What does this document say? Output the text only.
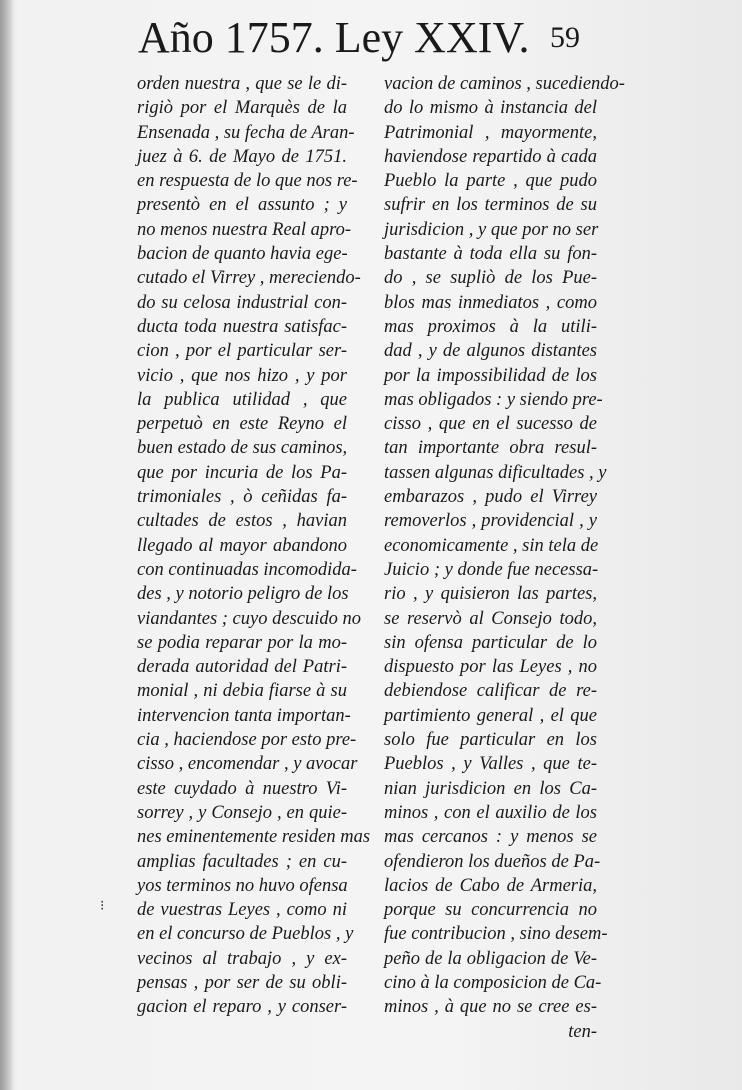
Año 1757. Ley XXIV. 59
orden nuestra , que se le di-
rigiò por el Marquès de la
Ensenada , su fecha de Aran-
juez à 6. de Mayo de 1751.
en respuesta de lo que nos re-
presentò en el assunto ; y
no menos nuestra Real apro-
bacion de quanto havia ege-
cutado el Virrey , mereciendo-
do su celosa industrial con-
ducta toda nuestra satisfac-
cion , por el particular ser-
vicio , que nos hizo , y por
la publica utilidad , que
perpetuò en este Reyno el
buen estado de sus caminos,
que por incuria de los Pa-
trimoniales , ò ceñidas fa-
cultades de estos , havian
llegado al mayor abandono
con continuadas incomodida-
des , y notorio peligro de los
viandantes ; cuyo descuido no
se podia reparar por la mo-
derada autoridad del Patri-
monial , ni debia fiarse à su
intervencion tanta importan-
cia , haciendose por esto pre-
cisso , encomendar , y avocar
este cuydado à nuestro Vi-
sorrey , y Consejo , en quie-
nes eminentemente residen mas
amplias facultades ; en cu-
yos terminos no huvo ofensa
de vuestras Leyes , como ni
en el concurso de Pueblos , y
vecinos al trabajo , y ex-
pensas , por ser de su obli-
gacion el reparo , y conser-
vacion de caminos , sucediendo-
do lo mismo à instancia del
Patrimonial , mayormente,
haviendose repartido à cada
Pueblo la parte , que pudo
sufrir en los terminos de su
jurisdicion , y que por no ser
bastante à toda ella su fon-
do , se supliò de los Pue-
blos mas inmediatos , como
mas proximos à la utili-
dad , y de algunos distantes
por la impossibilidad de los
mas obligados : y siendo pre-
cisso , que en el sucesso de
tan importante obra resul-
tassen algunas dificultades , y
embarazos , pudo el Virrey
removerlos , providencial , y
economicamente , sin tela de
Juicio ; y donde fue necessa-
rio , y quisieron las partes,
se reservò al Consejo todo,
sin ofensa particular de lo
dispuesto por las Leyes , no
debiendose calificar de re-
partimiento general , el que
solo fue particular en los
Pueblos , y Valles , que te-
nian jurisdicion en los Ca-
minos , con el auxilio de los
mas cercanos : y menos se
ofendieron los dueños de Pa-
lacios de Cabo de Armeria,
porque su concurrencia no
fue contribucion , sino desem-
peño de la obligacion de Ve-
cino à la composicion de Ca-
minos , à que no se cree es-
ten-
⁝
